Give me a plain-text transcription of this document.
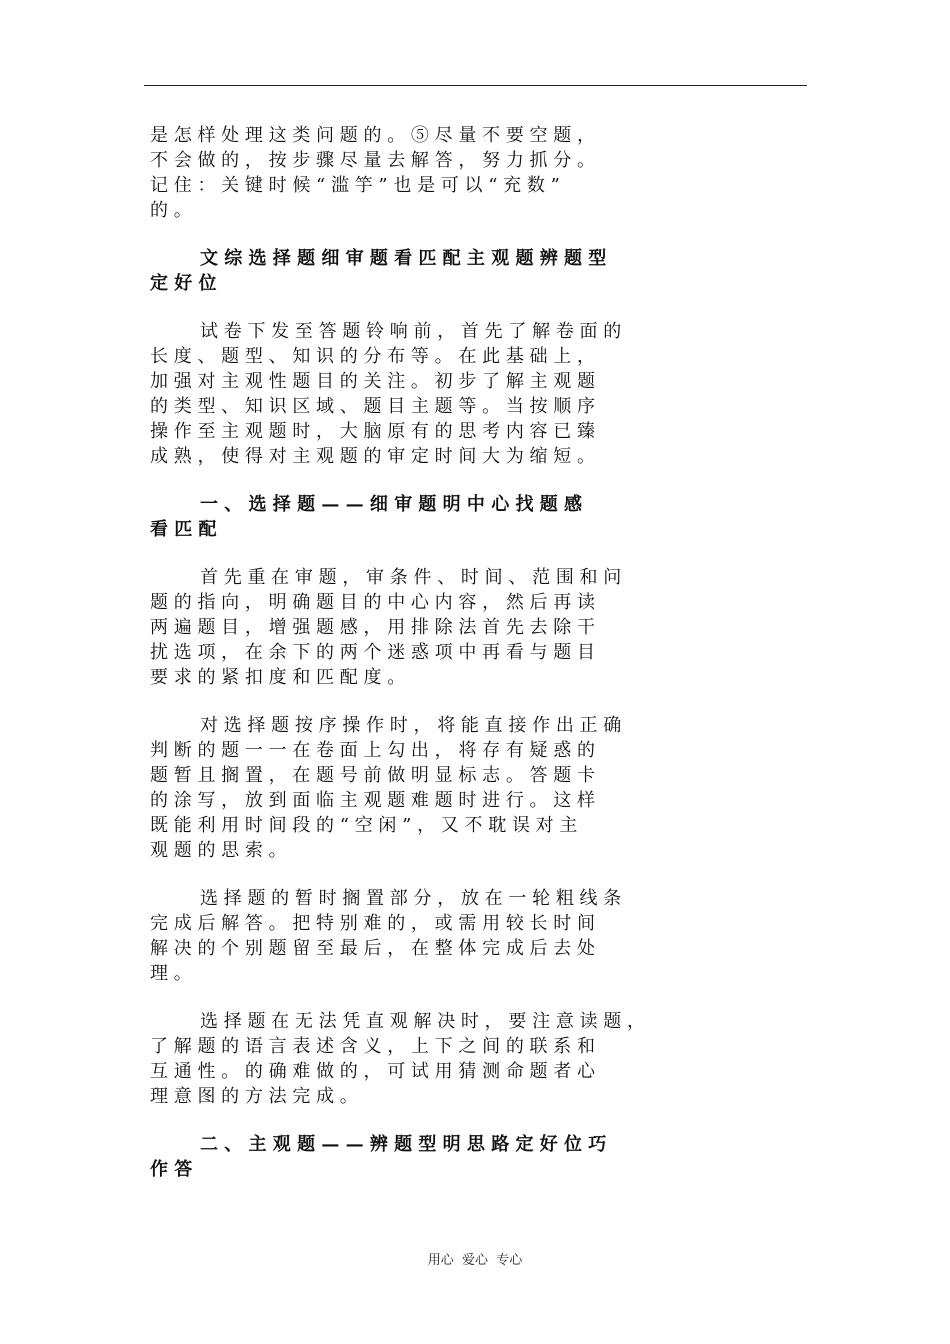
是 怎 样 处 理 这 类 问 题 的 。 ⑤ 尽 量 不 要 空 题 ，
不 会 做 的 ， 按 步 骤 尽 量 去 解 答 ， 努 力 抓 分 。
记 住 ： 关 键 时 候 “ 滥 竽 ” 也 是 可 以 “ 充 数 ”
的 。
文 综 选 择 题 细 审 题 看 匹 配 主 观 题 辨 题 型
定 好 位
试 卷 下 发 至 答 题 铃 响 前 ， 首 先 了 解 卷 面 的
长 度 、 题 型 、 知 识 的 分 布 等 。 在 此 基 础 上 ，
加 强 对 主 观 性 题 目 的 关 注 。 初 步 了 解 主 观 题
的 类 型 、 知 识 区 域 、 题 目 主 题 等 。 当 按 顺 序
操 作 至 主 观 题 时 ， 大 脑 原 有 的 思 考 内 容 已 臻
成 熟 ， 使 得 对 主 观 题 的 审 定 时 间 大 为 缩 短 。
一 、 选 择 题 — — 细 审 题 明 中 心 找 题 感
看 匹 配
首 先 重 在 审 题 ， 审 条 件 、 时 间 、 范 围 和 问
题 的 指 向 ， 明 确 题 目 的 中 心 内 容 ， 然 后 再 读
两 遍 题 目 ， 增 强 题 感 ， 用 排 除 法 首 先 去 除 干
扰 选 项 ， 在 余 下 的 两 个 迷 惑 项 中 再 看 与 题 目
要 求 的 紧 扣 度 和 匹 配 度 。
对 选 择 题 按 序 操 作 时 ， 将 能 直 接 作 出 正 确
判 断 的 题 一 一 在 卷 面 上 勾 出 ， 将 存 有 疑 惑 的
题 暂 且 搁 置 ， 在 题 号 前 做 明 显 标 志 。 答 题 卡
的 涂 写 ， 放 到 面 临 主 观 题 难 题 时 进 行 。 这 样
既 能 利 用 时 间 段 的 “ 空 闲 ” ， 又 不 耽 误 对 主
观 题 的 思 索 。
选 择 题 的 暂 时 搁 置 部 分 ， 放 在 一 轮 粗 线 条
完 成 后 解 答 。 把 特 别 难 的 ， 或 需 用 较 长 时 间
解 决 的 个 别 题 留 至 最 后 ， 在 整 体 完 成 后 去 处
理 。
选 择 题 在 无 法 凭 直 观 解 决 时 ， 要 注 意 读 题 ，
了 解 题 的 语 言 表 述 含 义 ， 上 下 之 间 的 联 系 和
互 通 性 。 的 确 难 做 的 ， 可 试 用 猜 测 命 题 者 心
理 意 图 的 方 法 完 成 。
二 、 主 观 题 — — 辨 题 型 明 思 路 定 好 位 巧
作 答
用心  爱心  专心
